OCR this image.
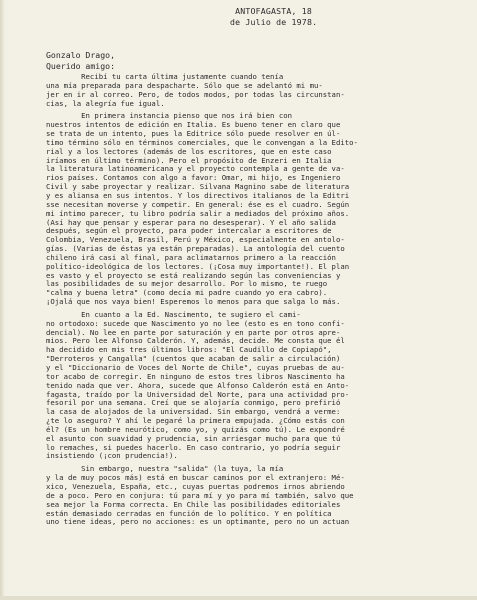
ANTOFAGASTA, 18
de Julio de 1978.
Gonzalo Drago,
Querido amigo:
Recibí tu carta última justamente cuando tenía
una mía preparada para despacharte. Sólo que se adelantó mi mu-
jer en ir al correo. Pero, de todos modos, por todas las circunstan-
cias, la alegría fue igual.
En primera instancia pienso que nos irá bien con
nuestros intentos de edición en Italia. Es bueno tener en claro que
se trata de un intento, pues la Editrice sólo puede resolver en úl-
timo término sólo en términos comerciales, que le convengan a la Edito-
rial y a los lectores (además de los escritores, que en este caso
iríamos en último término). Pero el propósito de Enzeri en Italia
la literatura latinoamericana y el proyecto contempla a gente de va-
rios países. Contamos con algo a favor: Omar, mi hijo, es Ingeniero
Civil y sabe proyectar y realizar. Silvana Magnino sabe de literatura
y es aliansa en sus intentos. Y los directivos italianos de la Editri
sse necesitan moverse y competir. En general: ése es el cuadro. Según
mi íntimo parecer, tu libro podría salir a mediados del próximo años.
(Así hay que pensar y esperar para no desesperar). Y el año salida
después, según el proyecto, para poder intercalar a escritores de
Colombia, Venezuela, Brasil, Perú y México, especialmente en antolo-
gías. (Varias de éstas ya están preparadas). La antología del cuento
chileno irá casi al final, para aclimatarnos primero a la reacción
político-ideológica de los lectores. (¡Cosa muy importante!). El plan
es vasto y el proyecto se está realizando según las conveniencias y
las posibilidades de su mejor desarrollo. Por lo mismo, te ruego
"calma y buena letra" (como decía mi padre cuando yo era cabro).
¡Ojalá que nos vaya bien! Esperemos lo menos para que salga lo más.
En cuanto a la Ed. Nascimento, te sugiero el cami-
no ortodoxo: sucede que Nascimento yo no lee (esto es en tono confi-
dencial). No lee en parte por saturación y en parte por otros apre-
mios. Pero lee Alfonso Calderón. Y, además, decide. Me consta que él
ha decidido en mis tres últimos libros: "El Caudillo de Copiapó",
"Derroteros y Cangalla" (cuentos que acaban de salir a circulación)
y el "Diccionario de Voces del Norte de Chile", cuyas pruebas de au-
tor acabo de corregir. En ninguno de estos tres libros Nascimento ha
tenido nada que ver. Ahora, sucede que Alfonso Calderón está en Anto-
fagasta, traído por la Universidad del Norte, para una actividad pro-
fesoril por una semana. Creí que se alojaría conmigo, pero prefirió
la casa de alojados de la universidad. Sin embargo, vendrá a verme:
¿te lo aseguro? Y ahí le pegaré la primera empujada. ¿Cómo estás con
él? (Es un hombre neurótico, como yo, y quizás como tú). Le expondré
el asunto con suavidad y prudencia, sin arriesgar mucho para que tú
lo remaches, si puedes hacerlo. En caso contrario, yo podría seguir
insistiendo (¡con prudencia!).
Sin embargo, nuestra "salida" (la tuya, la mía
y la de muy pocos más) está en buscar caminos por el extranjero: Mé-
xico, Venezuela, España, etc., cuyas puertas podremos irnos abriendo
de a poco. Pero en conjura: tú para mí y yo para mí también, salvo que
sea mejor la Forma correcta. En Chile las posibilidades editoriales
están demasiado cerradas en función de lo político. Y en política
uno tiene ideas, pero no acciones: es un optimante, pero no un actuan
